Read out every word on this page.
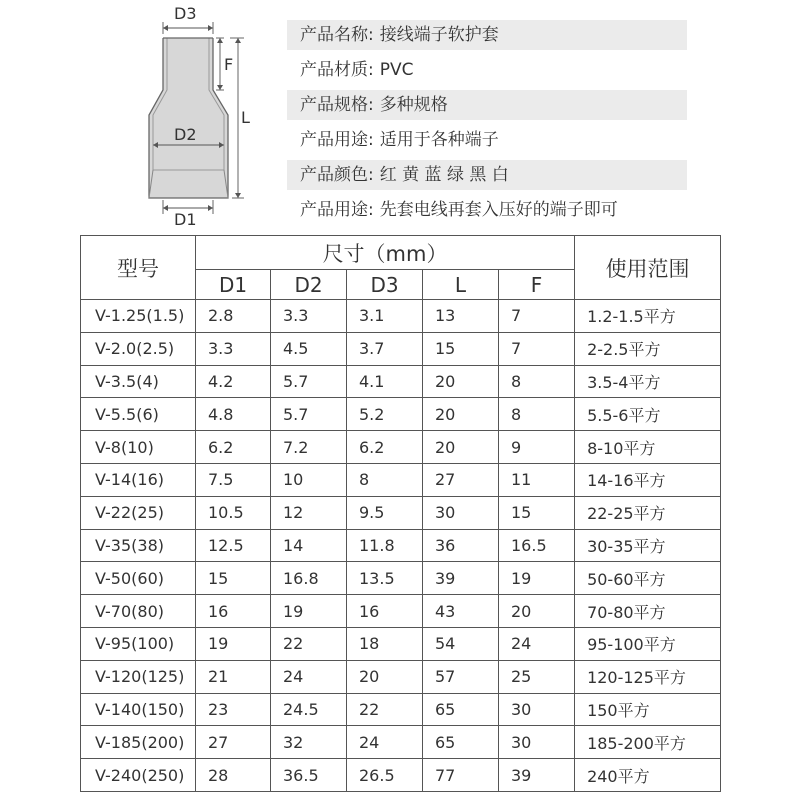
D3
F
L
D2
D1
产品名称: 接线端子软护套
产品材质: PVC
产品规格: 多种规格
产品用途: 适用于各种端子
产品颜色: 红 黄 蓝 绿 黑 白
产品用途: 先套电线再套入压好的端子即可
型号	尺寸（mm）					使用范围
	D1	D2	D3	L	F	
V-1.25(1.5)	2.8	3.3	3.1	13	7	1.2-1.5平方
V-2.0(2.5)	3.3	4.5	3.7	15	7	2-2.5平方
V-3.5(4)	4.2	5.7	4.1	20	8	3.5-4平方
V-5.5(6)	4.8	5.7	5.2	20	8	5.5-6平方
V-8(10)	6.2	7.2	6.2	20	9	8-10平方
V-14(16)	7.5	10	8	27	11	14-16平方
V-22(25)	10.5	12	9.5	30	15	22-25平方
V-35(38)	12.5	14	11.8	36	16.5	30-35平方
V-50(60)	15	16.8	13.5	39	19	50-60平方
V-70(80)	16	19	16	43	20	70-80平方
V-95(100)	19	22	18	54	24	95-100平方
V-120(125)	21	24	20	57	25	120-125平方
V-140(150)	23	24.5	22	65	30	150平方
V-185(200)	27	32	24	65	30	185-200平方
V-240(250)	28	36.5	26.5	77	39	240平方
